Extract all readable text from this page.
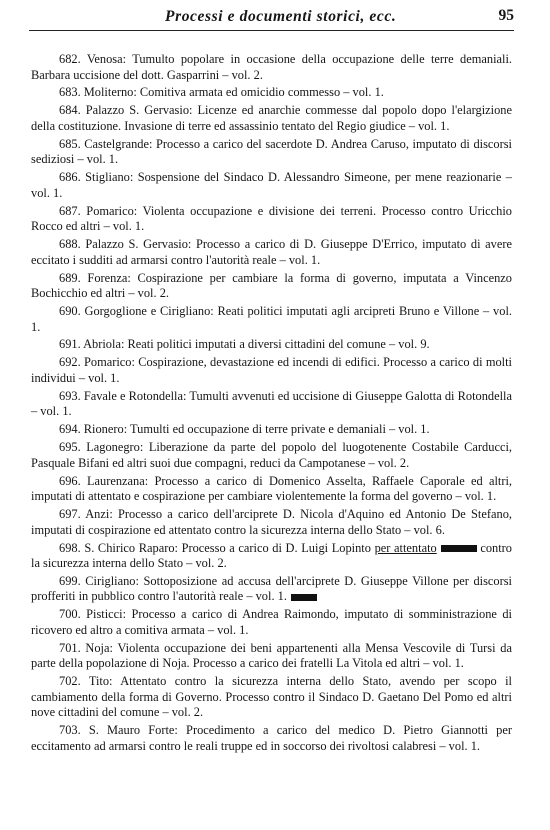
Processi e documenti storici, ecc.	95

682. Venosa: Tumulto popolare in occasione della occupazione delle terre demaniali. Barbara uccisione del dott. Gasparrini – vol. 2.

683. Moliterno: Comitiva armata ed omicidio commesso – vol. 1.

684. Palazzo S. Gervasio: Licenze ed anarchie commesse dal popolo dopo l'elargizione della costituzione. Invasione di terre ed assassinio tentato del Regio giudice – vol. 1.

685. Castelgrande: Processo a carico del sacerdote D. Andrea Caruso, imputato di discorsi sediziosi – vol. 1.

686. Stigliano: Sospensione del Sindaco D. Alessandro Simeone, per mene reazionarie – vol. 1.

687. Pomarico: Violenta occupazione e divisione dei terreni. Processo contro Uricchio Rocco ed altri – vol. 1.

688. Palazzo S. Gervasio: Processo a carico di D. Giuseppe D'Errico, imputato di avere eccitato i sudditi ad armarsi contro l'autorità reale – vol. 1.

689. Forenza: Cospirazione per cambiare la forma di governo, imputata a Vincenzo Bochicchio ed altri – vol. 2.

690. Gorgoglione e Cirigliano: Reati politici imputati agli arcipreti Bruno e Villone – vol. 1.

691. Abriola: Reati politici imputati a diversi cittadini del comune – vol. 9.

692. Pomarico: Cospirazione, devastazione ed incendi di edifici. Processo a carico di molti individui – vol. 1.

693. Favale e Rotondella: Tumulti avvenuti ed uccisione di Giuseppe Galotta di Rotondella – vol. 1.

694. Rionero: Tumulti ed occupazione di terre private e demaniali – vol. 1.

695. Lagonegro: Liberazione da parte del popolo del luogotenente Costabile Carducci, Pasquale Bifani ed altri suoi due compagni, reduci da Campotanese – vol. 2.

696. Laurenzana: Processo a carico di Domenico Asselta, Raffaele Caporale ed altri, imputati di attentato e cospirazione per cambiare violentemente la forma del governo – vol. 1.

697. Anzi: Processo a carico dell'arciprete D. Nicola d'Aquino ed Antonio De Stefano, imputati di cospirazione ed attentato contro la sicurezza interna dello Stato – vol. 6.

698. S. Chirico Raparo: Processo a carico di D. Luigi Lopinto per attentato	contro la sicurezza interna dello Stato – vol. 2.

699. Cirigliano: Sottoposizione ad accusa dell'arciprete D. Giuseppe Villone per discorsi profferiti in pubblico contro l'autorità reale – vol. 1.

700. Pisticci: Processo a carico di Andrea Raimondo, imputato di somministrazione di ricovero ed altro a comitiva armata – vol. 1.

701. Noja: Violenta occupazione dei beni appartenenti alla Mensa Vescovile di Tursi da parte della popolazione di Noja. Processo a carico dei fratelli La Vitola ed altri – vol. 1.

702. Tito: Attentato contro la sicurezza interna dello Stato, avendo per scopo il cambiamento della forma di Governo. Processo contro il Sindaco D. Gaetano Del Pomo ed altri nove cittadini del comune – vol. 2.

703. S. Mauro Forte: Procedimento a carico del medico D. Pietro Giannotti per eccitamento ad armarsi contro le reali truppe ed in soccorso dei rivoltosi calabresi – vol. 1.
